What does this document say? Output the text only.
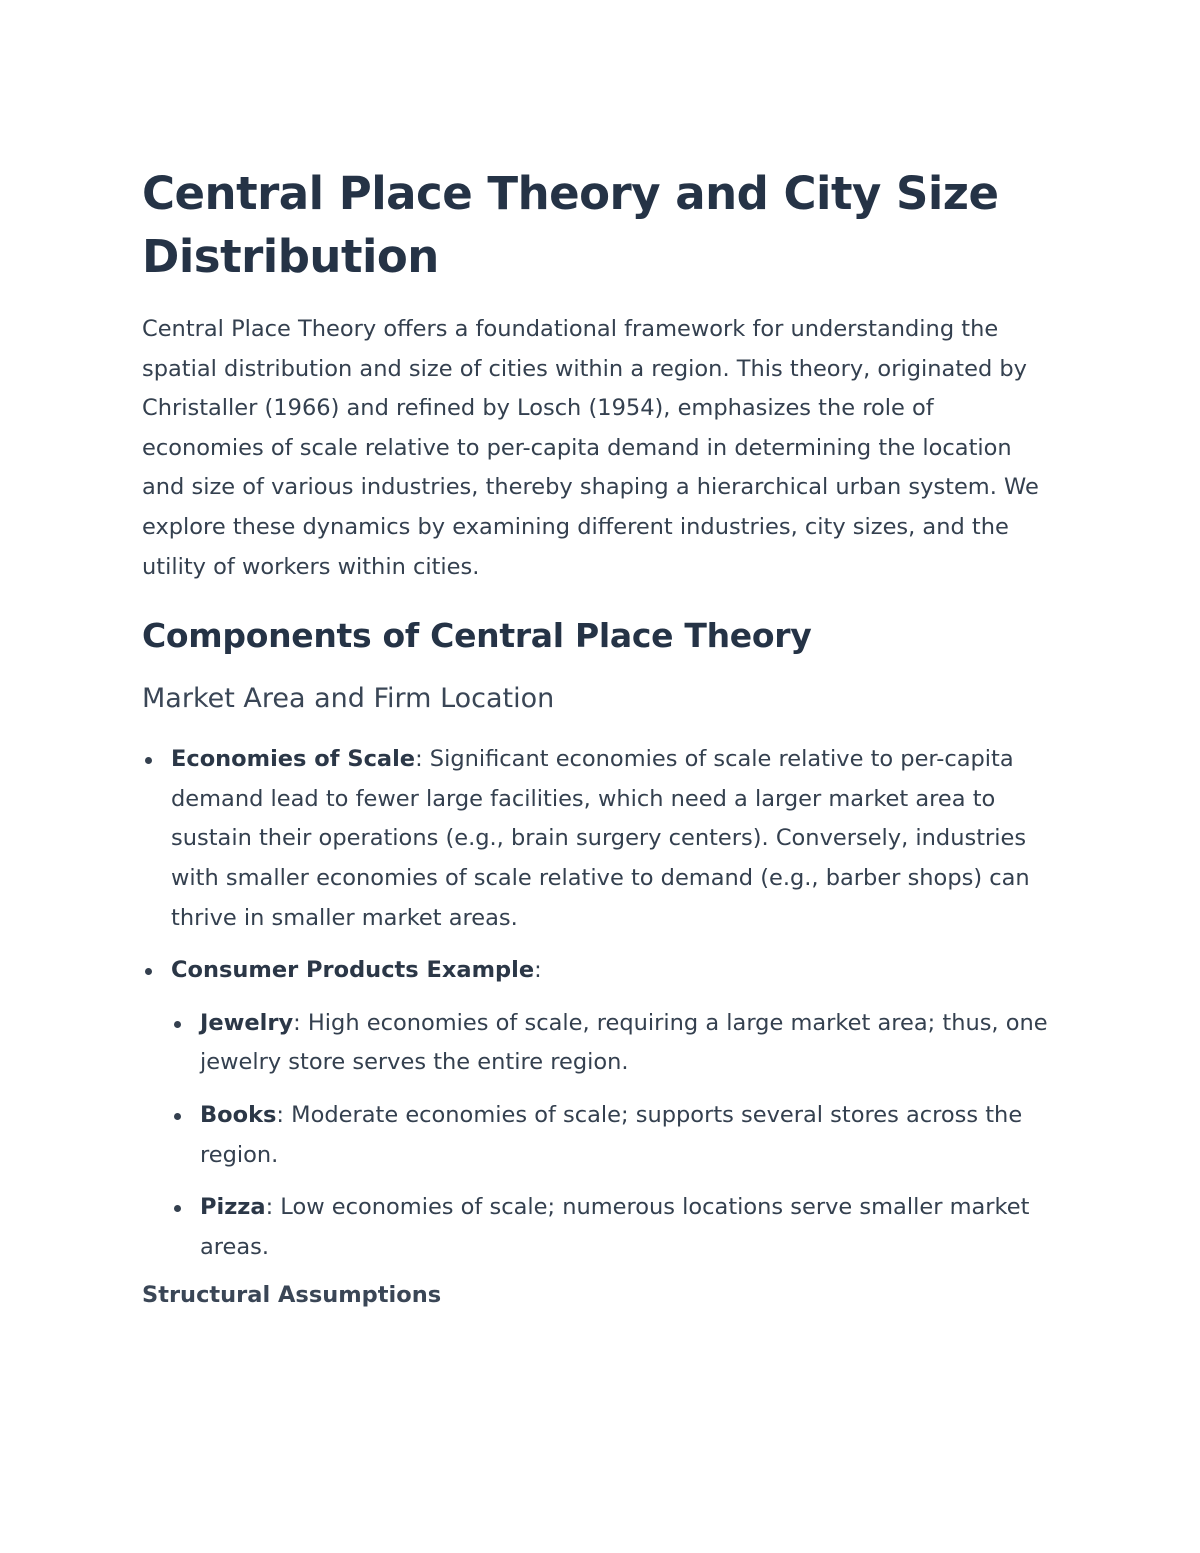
Central Place Theory and City Size Distribution

Central Place Theory offers a foundational framework for understanding the spatial distribution and size of cities within a region. This theory, originated by Christaller (1966) and refined by Losch (1954), emphasizes the role of economies of scale relative to per-capita demand in determining the location and size of various industries, thereby shaping a hierarchical urban system. We explore these dynamics by examining different industries, city sizes, and the utility of workers within cities.

Components of Central Place Theory
Market Area and Firm Location
Economies of Scale: Significant economies of scale relative to per-capita demand lead to fewer large facilities, which need a larger market area to sustain their operations (e.g., brain surgery centers). Conversely, industries with smaller economies of scale relative to demand (e.g., barber shops) can thrive in smaller market areas.
Consumer Products Example:
Jewelry: High economies of scale, requiring a large market area; thus, one jewelry store serves the entire region.
Books: Moderate economies of scale; supports several stores across the region.
Pizza: Low economies of scale; numerous locations serve smaller market areas.
Structural Assumptions
